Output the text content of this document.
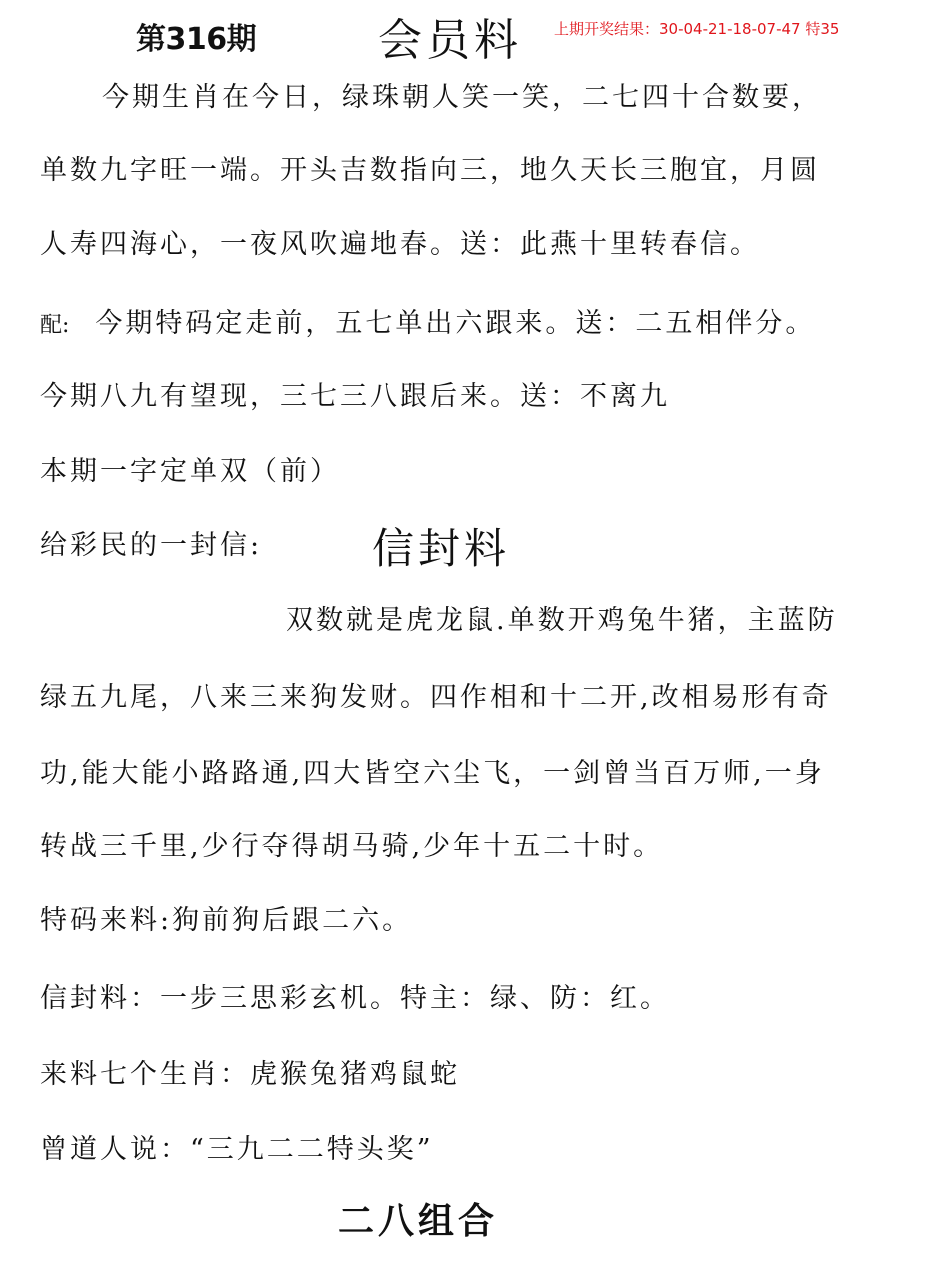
第316期	会员料 上期开奖结果：30-04-21-18-07-47 特35
今期生肖在今日，绿珠朝人笑一笑，二七四十合数要，
单数九字旺一端。开头吉数指向三，地久天长三胞宜，月圆
人寿四海心，一夜风吹遍地春。送：此燕十里转春信。
配: 今期特码定走前，五七单出六跟来。送：二五相伴分。
今期八九有望现，三七三八跟后来。送：不离九
本期一字定单双（前）
给彩民的一封信:	信封料
双数就是虎龙鼠.单数开鸡兔牛猪，主蓝防
绿五九尾，八来三来狗发财。四作相和十二开,改相易形有奇
功,能大能小路路通,四大皆空六尘飞，一剑曾当百万师,一身
转战三千里,少行夺得胡马骑,少年十五二十时。
特码来料:狗前狗后跟二六。
信封料：一步三思彩玄机。特主：绿、防：红。
来料七个生肖：虎猴兔猪鸡鼠蛇
曾道人说：“三九二二特头奖”
二八组合
